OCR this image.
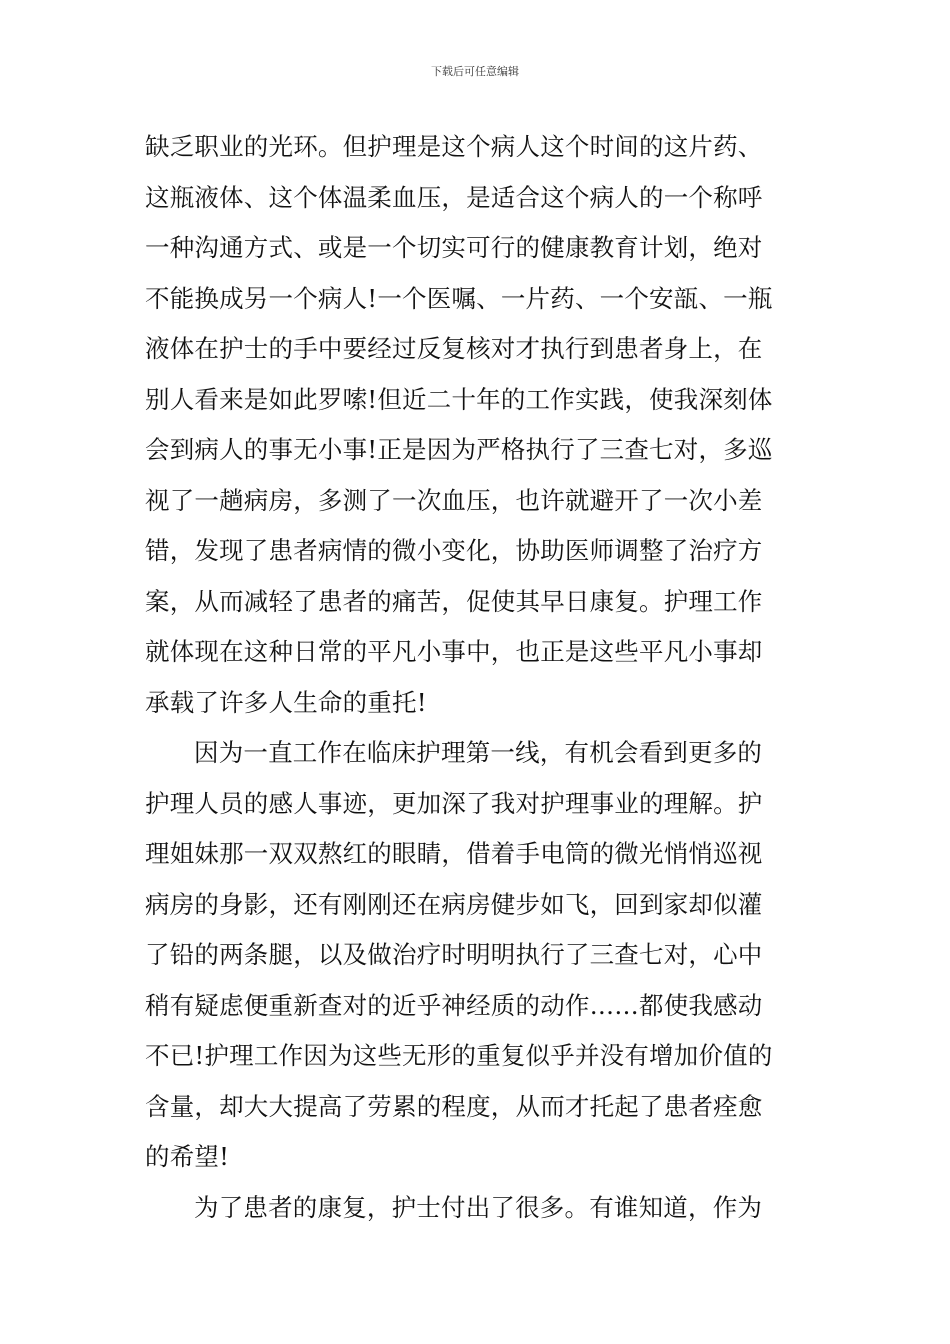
下载后可任意编辑
缺乏职业的光环。但护理是这个病人这个时间的这片药、
这瓶液体、这个体温柔血压，是适合这个病人的一个称呼
一种沟通方式、或是一个切实可行的健康教育计划，绝对
不能换成另一个病人!一个医嘱、一片药、一个安瓿、一瓶
液体在护士的手中要经过反复核对才执行到患者身上，在
别人看来是如此罗嗦!但近二十年的工作实践，使我深刻体
会到病人的事无小事!正是因为严格执行了三查七对，多巡
视了一趟病房，多测了一次血压，也许就避开了一次小差
错，发现了患者病情的微小变化，协助医师调整了治疗方
案，从而减轻了患者的痛苦，促使其早日康复。护理工作
就体现在这种日常的平凡小事中，也正是这些平凡小事却
承载了许多人生命的重托!
因为一直工作在临床护理第一线，有机会看到更多的
护理人员的感人事迹，更加深了我对护理事业的理解。护
理姐妹那一双双熬红的眼睛，借着手电筒的微光悄悄巡视
病房的身影，还有刚刚还在病房健步如飞，回到家却似灌
了铅的两条腿，以及做治疗时明明执行了三查七对，心中
稍有疑虑便重新查对的近乎神经质的动作……都使我感动
不已!护理工作因为这些无形的重复似乎并没有增加价值的
含量，却大大提高了劳累的程度，从而才托起了患者痊愈
的希望!
为了患者的康复，护士付出了很多。有谁知道，作为
